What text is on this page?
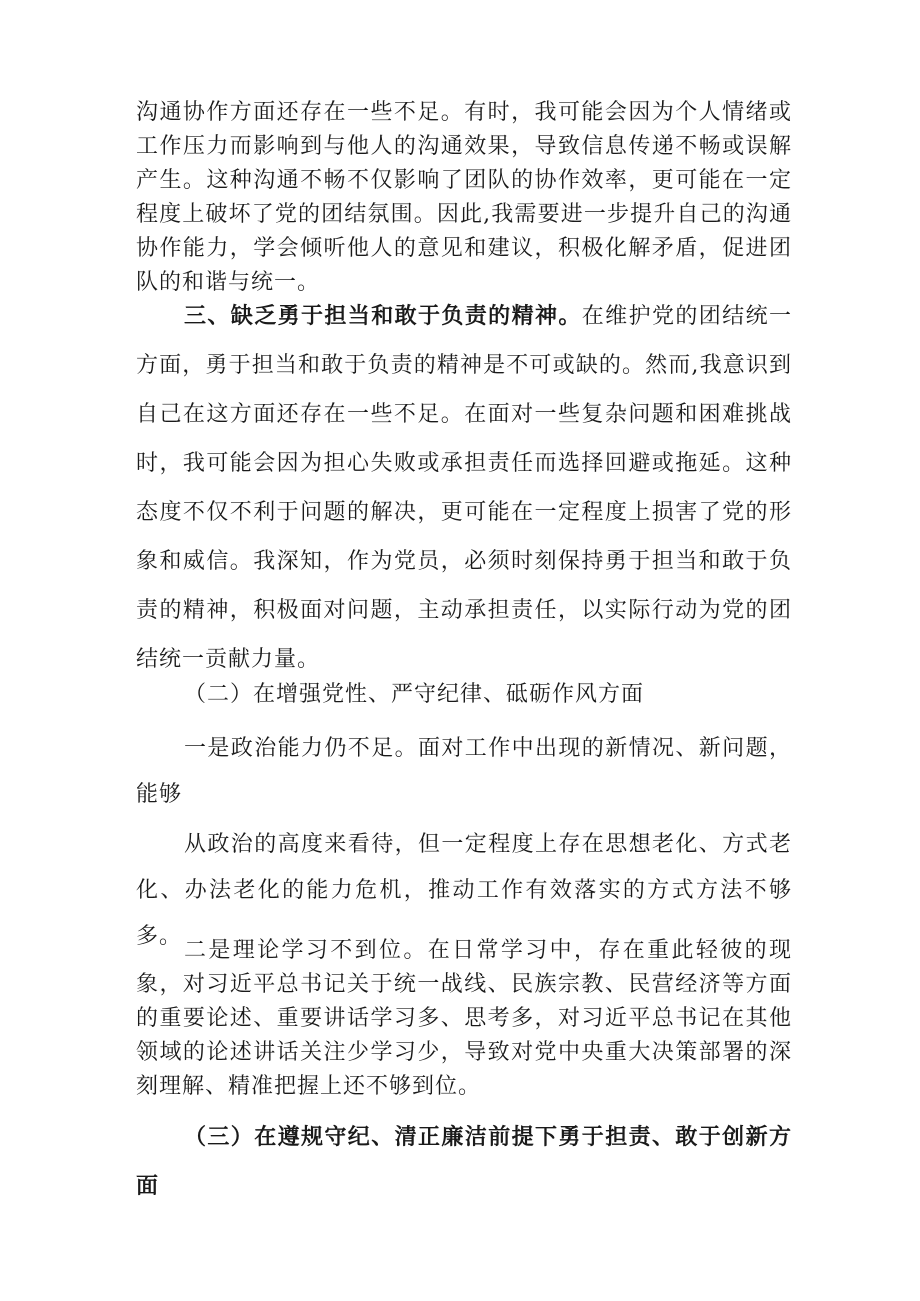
沟通协作方面还存在一些不足。有时，我可能会因为个人情绪或工作压力而影响到与他人的沟通效果，导致信息传递不畅或误解产生。这种沟通不畅不仅影响了团队的协作效率，更可能在一定程度上破坏了党的团结氛围。因此,我需要进一步提升自己的沟通协作能力，学会倾听他人的意见和建议，积极化解矛盾，促进团队的和谐与统一。

三、缺乏勇于担当和敢于负责的精神。在维护党的团结统一方面，勇于担当和敢于负责的精神是不可或缺的。然而,我意识到自己在这方面还存在一些不足。在面对一些复杂问题和困难挑战时，我可能会因为担心失败或承担责任而选择回避或拖延。这种态度不仅不利于问题的解决，更可能在一定程度上损害了党的形象和威信。我深知，作为党员，必须时刻保持勇于担当和敢于负责的精神，积极面对问题，主动承担责任，以实际行动为党的团结统一贡献力量。

（二）在增强党性、严守纪律、砥砺作风方面

一是政治能力仍不足。面对工作中出现的新情况、新问题，能够

从政治的高度来看待，但一定程度上存在思想老化、方式老化、办法老化的能力危机，推动工作有效落实的方式方法不够多。

二是理论学习不到位。在日常学习中，存在重此轻彼的现象，对习近平总书记关于统一战线、民族宗教、民营经济等方面的重要论述、重要讲话学习多、思考多，对习近平总书记在其他领域的论述讲话关注少学习少，导致对党中央重大决策部署的深刻理解、精准把握上还不够到位。

（三）在遵规守纪、清正廉洁前提下勇于担责、敢于创新方面
